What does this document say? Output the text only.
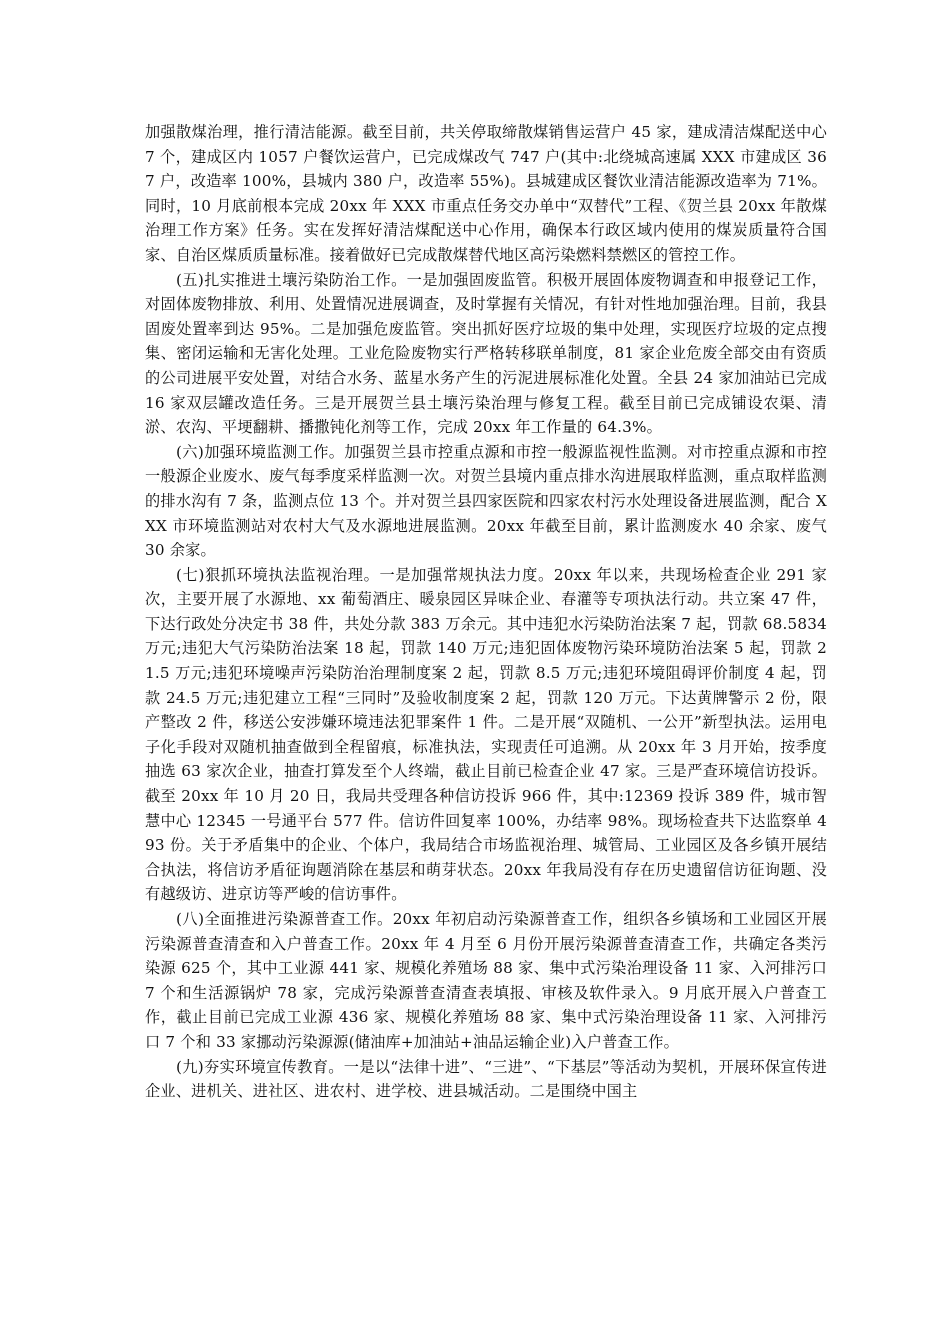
加强散煤治理，推行清洁能源。截至目前，共关停取缔散煤销售运营户 45 家，建成清洁煤配送中心 7 个，建成区内 1057 户餐饮运营户，已完成煤改气 747 户(其中:北绕城高速属 XXX 市建成区 367 户，改造率 100%，县城内 380 户，改造率 55%)。县城建成区餐饮业清洁能源改造率为 71%。同时，10 月底前根本完成 20xx 年 XXX 市重点任务交办单中“双替代”工程、《贺兰县 20xx 年散煤治理工作方案》任务。实在发挥好清洁煤配送中心作用，确保本行政区域内使用的煤炭质量符合国家、自治区煤质质量标准。接着做好已完成散煤替代地区高污染燃料禁燃区的管控工作。

(五)扎实推进土壤污染防治工作。一是加强固废监管。积极开展固体废物调查和申报登记工作，对固体废物排放、利用、处置情况进展调查，及时掌握有关情况，有针对性地加强治理。目前，我县固废处置率到达 95%。二是加强危废监管。突出抓好医疗垃圾的集中处理，实现医疗垃圾的定点搜集、密闭运输和无害化处理。工业危险废物实行严格转移联单制度，81 家企业危废全部交由有资质的公司进展平安处置，对结合水务、蓝星水务产生的污泥进展标准化处置。全县 24 家加油站已完成 16 家双层罐改造任务。三是开展贺兰县土壤污染治理与修复工程。截至目前已完成铺设农渠、清淤、农沟、平埂翻耕、播撒钝化剂等工作，完成 20xx 年工作量的 64.3%。

(六)加强环境监测工作。加强贺兰县市控重点源和市控一般源监视性监测。对市控重点源和市控一般源企业废水、废气每季度采样监测一次。对贺兰县境内重点排水沟进展取样监测，重点取样监测的排水沟有 7 条，监测点位 13 个。并对贺兰县四家医院和四家农村污水处理设备进展监测，配合 XXX 市环境监测站对农村大气及水源地进展监测。20xx 年截至目前，累计监测废水 40 余家、废气 30 余家。

(七)狠抓环境执法监视治理。一是加强常规执法力度。20xx 年以来，共现场检查企业 291 家次，主要开展了水源地、xx 葡萄酒庄、暖泉园区异味企业、春灌等专项执法行动。共立案 47 件，下达行政处分决定书 38 件，共处分款 383 万余元。其中违犯水污染防治法案 7 起，罚款 68.5834 万元;违犯大气污染防治法案 18 起，罚款 140 万元;违犯固体废物污染环境防治法案 5 起，罚款 21.5 万元;违犯环境噪声污染防治治理制度案 2 起，罚款 8.5 万元;违犯环境阻碍评价制度 4 起，罚款 24.5 万元;违犯建立工程“三同时”及验收制度案 2 起，罚款 120 万元。下达黄牌警示 2 份，限产整改 2 件，移送公安涉嫌环境违法犯罪案件 1 件。二是开展“双随机、一公开”新型执法。运用电子化手段对双随机抽查做到全程留痕，标准执法，实现责任可追溯。从 20xx 年 3 月开始，按季度抽选 63 家次企业，抽查打算发至个人终端，截止目前已检查企业 47 家。三是严查环境信访投诉。截至 20xx 年 10 月 20 日，我局共受理各种信访投诉 966 件，其中:12369 投诉 389 件，城市智慧中心 12345 一号通平台 577 件。信访件回复率 100%，办结率 98%。现场检查共下达监察单 493 份。关于矛盾集中的企业、个体户，我局结合市场监视治理、城管局、工业园区及各乡镇开展结合执法，将信访矛盾征询题消除在基层和萌芽状态。20xx 年我局没有存在历史遗留信访征询题、没有越级访、进京访等严峻的信访事件。

(八)全面推进污染源普查工作。20xx 年初启动污染源普查工作，组织各乡镇场和工业园区开展污染源普查清查和入户普查工作。20xx 年 4 月至 6 月份开展污染源普查清查工作，共确定各类污染源 625 个，其中工业源 441 家、规模化养殖场 88 家、集中式污染治理设备 11 家、入河排污口 7 个和生活源锅炉 78 家，完成污染源普查清查表填报、审核及软件录入。9 月底开展入户普查工作，截止目前已完成工业源 436 家、规模化养殖场 88 家、集中式污染治理设备 11 家、入河排污口 7 个和 33 家挪动污染源源(储油库+加油站+油品运输企业)入户普查工作。

(九)夯实环境宣传教育。一是以“法律十进”、“三进”、“下基层”等活动为契机，开展环保宣传进企业、进机关、进社区、进农村、进学校、进县城活动。二是围绕中国主
